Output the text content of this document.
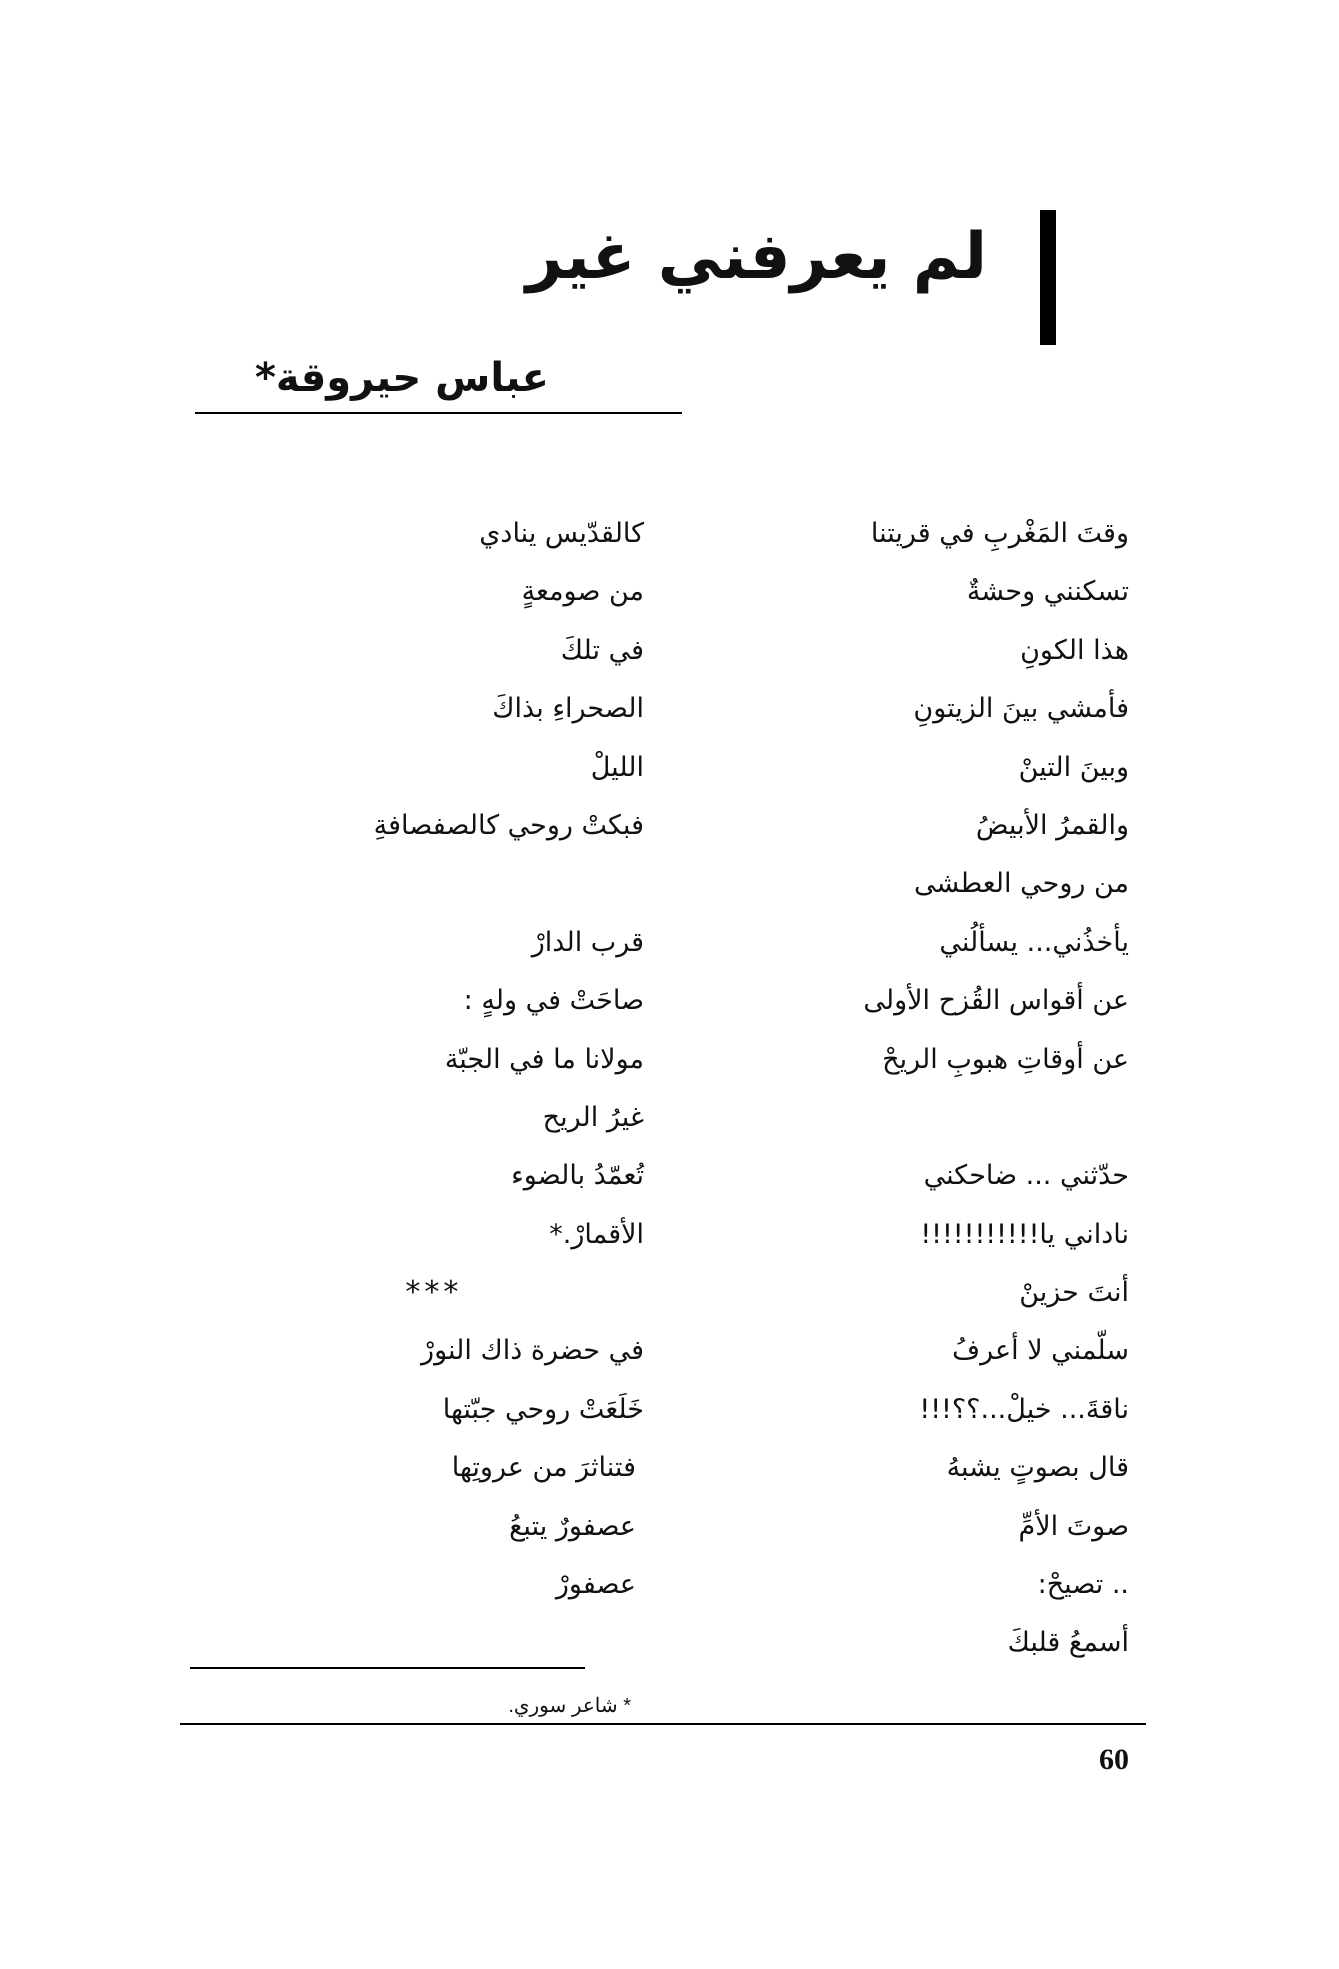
لم يعرفني غير
عباس حيروقة*
وقتَ المَغْربِ في قريتنا
تسكنني وحشةٌ
هذا الكونِ
فأمشي بينَ الزيتونِ
وبينَ التينْ
والقمرُ الأبيضُ
من روحي العطشى
يأخذُني... يسألُني
عن أقواس القُزح الأولى
عن أوقاتِ هبوبِ الريحْ
حدّثني ... ضاحكني
ناداني يا!!!!!!!!!!!
أنتَ حزينْ
سلّمني لا أعرفُ
ناقةَ... خيلْ...؟؟!!!
قال بصوتٍ يشبهُ
صوتَ الأمِّ
.. تصيحْ:
أسمعُ قلبكَ
كالقدّيس ينادي
من صومعةٍ
في تلكَ
الصحراءِ بذاكَ
الليلْ
فبكتْ روحي كالصفصافةِ
قرب الدارْ
صاحَتْ في ولهٍ :
مولانا ما في الجبّة
غيرُ الريح
تُعمّدُ بالضوء
الأقمارْ.*
***
في حضرة ذاك النورْ
خَلَعَتْ روحي جبّتها
فتناثرَ من عروتِها
عصفورٌ يتبعُ
عصفورْ
* شاعر سوري.
60
